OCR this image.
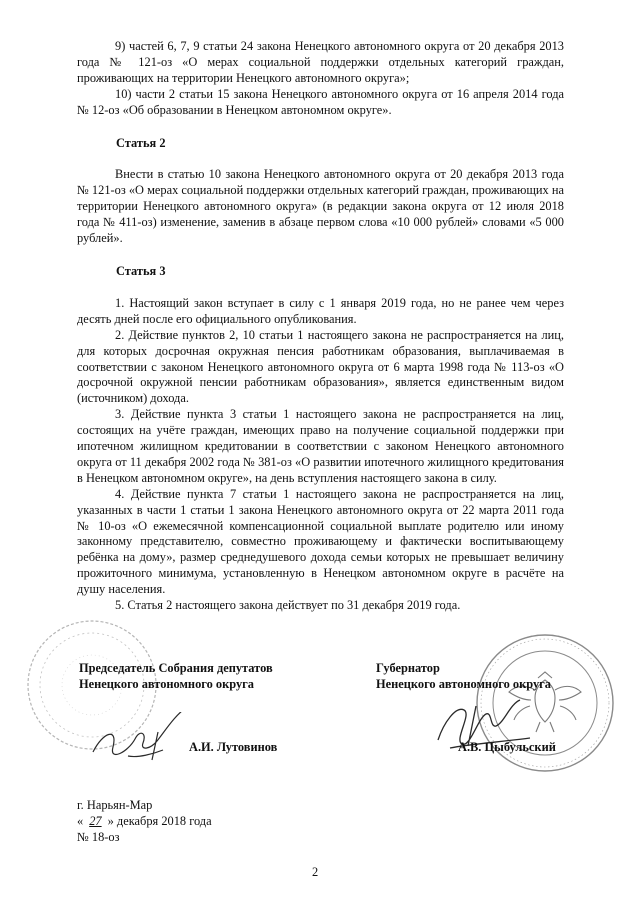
9) частей 6, 7, 9 статьи 24 закона Ненецкого автономного округа от 20 декабря 2013 года № 121-оз «О мерах социальной поддержки отдельных категорий граждан, проживающих на территории Ненецкого автономного округа»;

10) части 2 статьи 15 закона Ненецкого автономного округа от 16 апреля 2014 года № 12-оз «Об образовании в Ненецком автономном округе».

Статья 2

Внести в статью 10 закона Ненецкого автономного округа от 20 декабря 2013 года № 121-оз «О мерах социальной поддержки отдельных категорий граждан, проживающих на территории Ненецкого автономного округа» (в редакции закона округа от 12 июля 2018 года № 411-оз) изменение, заменив в абзаце первом слова «10 000 рублей» словами «5 000 рублей».

Статья 3

1. Настоящий закон вступает в силу с 1 января 2019 года, но не ранее чем через десять дней после его официального опубликования.

2. Действие пунктов 2, 10 статьи 1 настоящего закона не распространяется на лиц, для которых досрочная окружная пенсия работникам образования, выплачиваемая в соответствии с законом Ненецкого автономного округа от 6 марта 1998 года № 113-оз «О досрочной окружной пенсии работникам образования», является единственным видом (источником) дохода.

3. Действие пункта 3 статьи 1 настоящего закона не распространяется на лиц, состоящих на учёте граждан, имеющих право на получение социальной поддержки при ипотечном жилищном кредитовании в соответствии с законом Ненецкого автономного округа от 11 декабря 2002 года № 381-оз «О развитии ипотечного жилищного кредитования в Ненецком автономном округе», на день вступления настоящего закона в силу.

4. Действие пункта 7 статьи 1 настоящего закона не распространяется на лиц, указанных в части 1 статьи 1 закона Ненецкого автономного округа от 22 марта 2011 года № 10-оз «О ежемесячной компенсационной социальной выплате родителю или иному законному представителю, совместно проживающему и фактически воспитывающему ребёнка на дому», размер среднедушевого дохода семьи которых не превышает величину прожиточного минимума, установленную в Ненецком автономном округе в расчёте на душу населения.

5. Статья 2 настоящего закона действует по 31 декабря 2019 года.

Председатель Собрания депутатов
Ненецкого автономного округа
А.И. Лутовинов
Губернатор
Ненецкого автономного округа
А.В. Цыбульский
г. Нарьян-Мар
« 27 » декабря 2018 года
№ 18-оз
2
